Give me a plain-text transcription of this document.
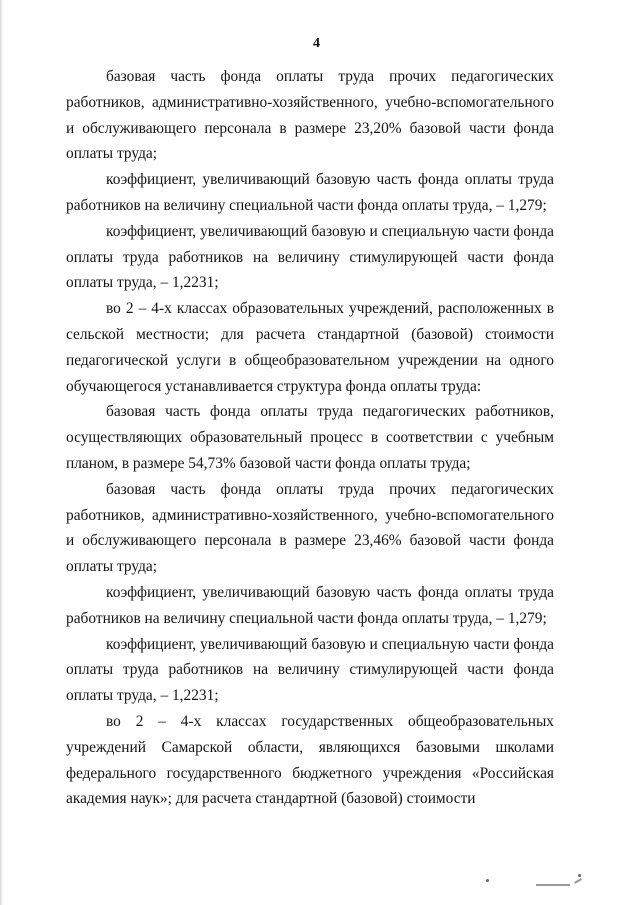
4

базовая часть фонда оплаты труда прочих педагогических работников, административно-хозяйственного, учебно-вспомогательного и обслуживающего персонала в размере 23,20% базовой части фонда оплаты труда;

коэффициент, увеличивающий базовую часть фонда оплаты труда работников на величину специальной части фонда оплаты труда, – 1,279;

коэффициент, увеличивающий базовую и специальную части фонда оплаты труда работников на величину стимулирующей части фонда оплаты труда, – 1,2231;

во 2 – 4-х классах образовательных учреждений, расположенных в сельской местности; для расчета стандартной (базовой) стоимости педагогической услуги в общеобразовательном учреждении на одного обучающегося устанавливается структура фонда оплаты труда:

базовая часть фонда оплаты труда педагогических работников, осуществляющих образовательный процесс в соответствии с учебным планом, в размере 54,73% базовой части фонда оплаты труда;

базовая часть фонда оплаты труда прочих педагогических работников, административно-хозяйственного, учебно-вспомогательного и обслуживающего персонала в размере 23,46% базовой части фонда оплаты труда;

коэффициент, увеличивающий базовую часть фонда оплаты труда работников на величину специальной части фонда оплаты труда, – 1,279;

коэффициент, увеличивающий базовую и специальную части фонда оплаты труда работников на величину стимулирующей части фонда оплаты труда, – 1,2231;

во 2 – 4-х классах государственных общеобразовательных учреждений Самарской области, являющихся базовыми школами федерального государственного бюджетного учреждения «Российская академия наук»; для расчета стандартной (базовой) стоимости
